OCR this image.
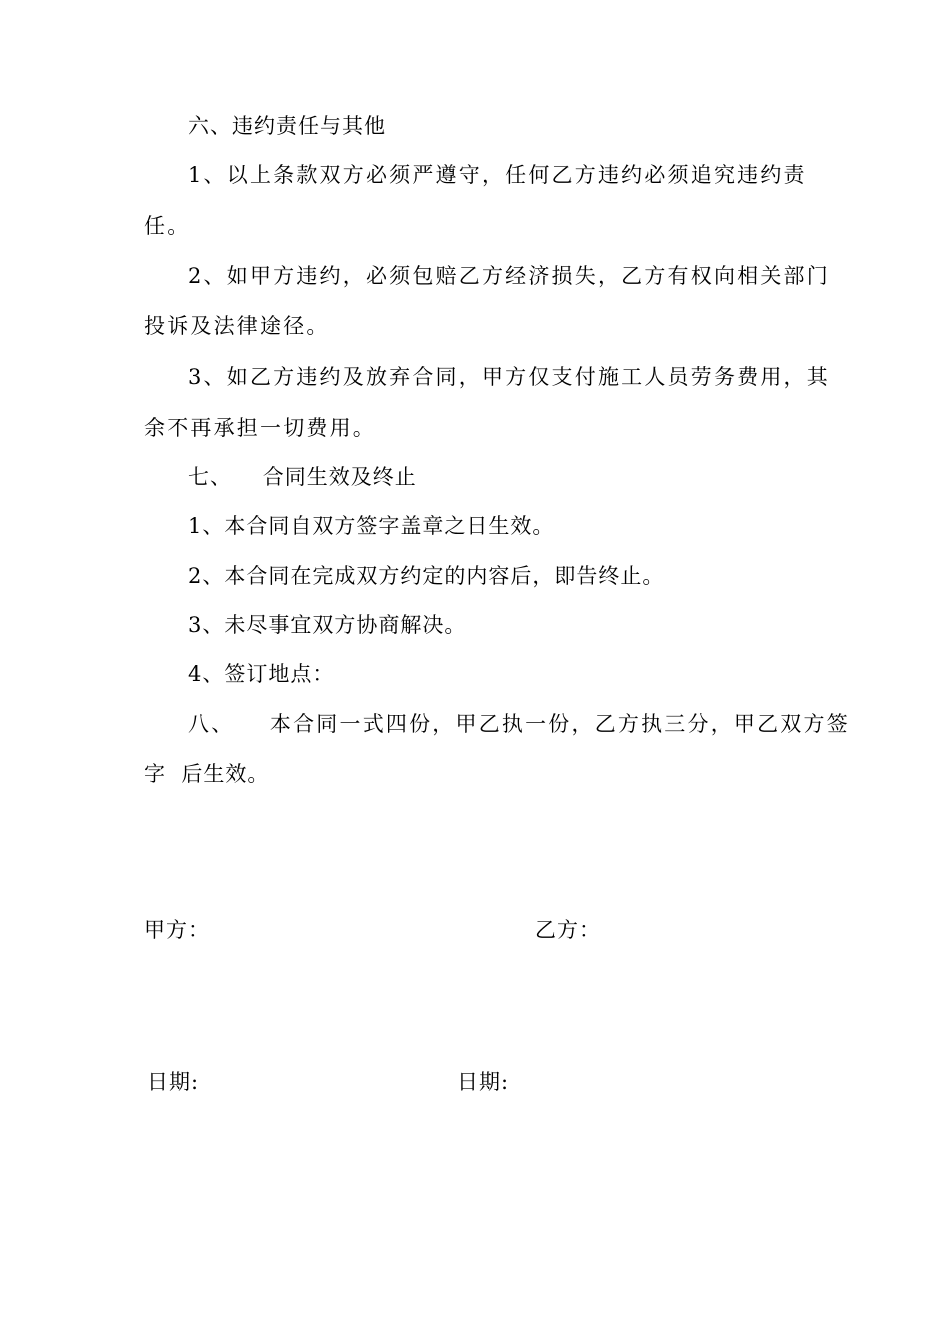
六、违约责任与其他
1、以上条款双方必须严遵守，任何乙方违约必须追究违约责
任。
2、如甲方违约，必须包赔乙方经济损失，乙方有权向相关部门
投诉及法律途径。
3、如乙方违约及放弃合同，甲方仅支付施工人员劳务费用，其
余不再承担一切费用。
七、    合同生效及终止
1、本合同自双方签字盖章之日生效。
2、本合同在完成双方约定的内容后，即告终止。
3、未尽事宜双方协商解决。
4、签订地点：
八、    本合同一式四份，甲乙执一份，乙方执三分，甲乙双方签
字  后生效。
甲方：	乙方：
日期:	日期:
